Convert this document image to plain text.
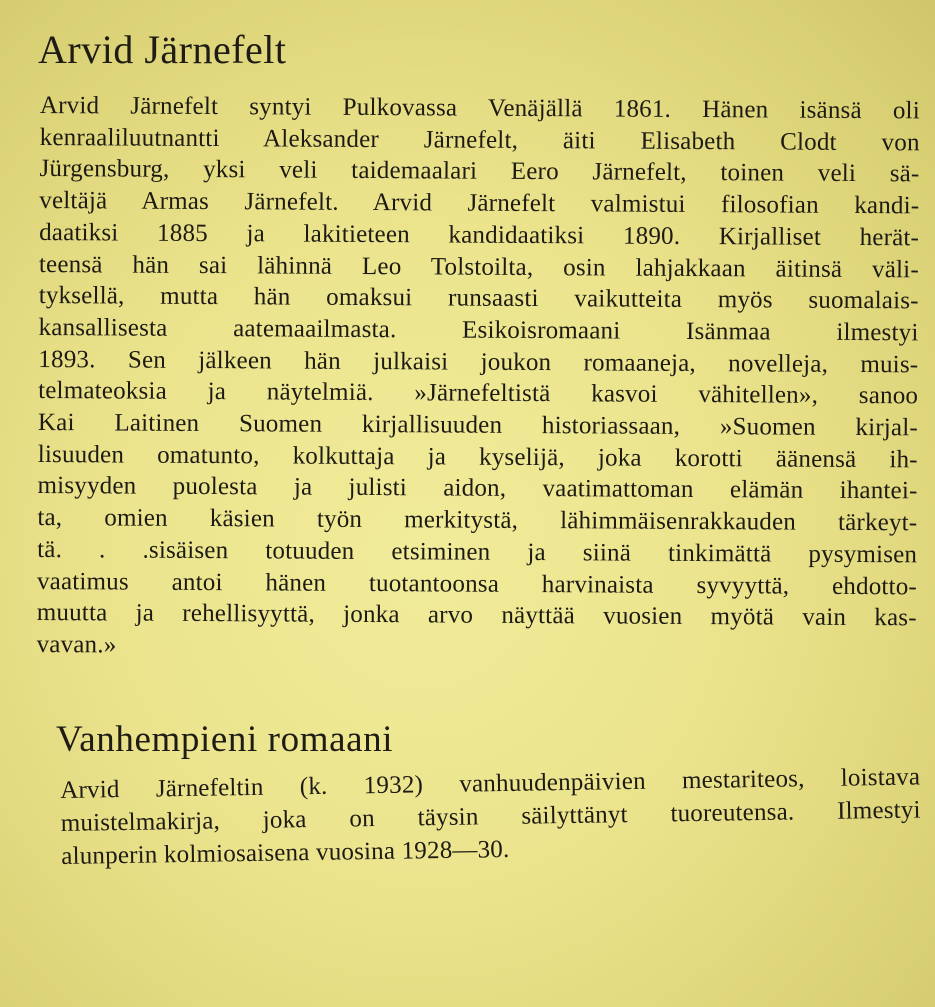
Arvid Järnefelt
Arvid Järnefelt syntyi Pulkovassa Venäjällä 1861. Hänen isänsä oli
kenraaliluutnantti Aleksander Järnefelt, äiti Elisabeth Clodt von
Jürgensburg, yksi veli taidemaalari Eero Järnefelt, toinen veli sä-
veltäjä Armas Järnefelt. Arvid Järnefelt valmistui filosofian kandi-
daatiksi 1885 ja lakitieteen kandidaatiksi 1890. Kirjalliset herät-
teensä hän sai lähinnä Leo Tolstoilta, osin lahjakkaan äitinsä väli-
tyksellä, mutta hän omaksui runsaasti vaikutteita myös suomalais-
kansallisesta aatemaailmasta. Esikoisromaani Isänmaa ilmestyi
1893. Sen jälkeen hän julkaisi joukon romaaneja, novelleja, muis-
telmateoksia ja näytelmiä. »Järnefeltistä kasvoi vähitellen», sanoo
Kai Laitinen Suomen kirjallisuuden historiassaan, »Suomen kirjal-
lisuuden omatunto, kolkuttaja ja kyselijä, joka korotti äänensä ih-
misyyden puolesta ja julisti aidon, vaatimattoman elämän ihantei-
ta, omien käsien työn merkitystä, lähimmäisenrakkauden tärkeyt-
tä. . .sisäisen totuuden etsiminen ja siinä tinkimättä pysymisen
vaatimus antoi hänen tuotantoonsa harvinaista syvyyttä, ehdotto-
muutta ja rehellisyyttä, jonka arvo näyttää vuosien myötä vain kas-
vavan.»
Vanhempieni romaani
Arvid Järnefeltin (k. 1932) vanhuudenpäivien mestariteos, loistava
muistelmakirja, joka on täysin säilyttänyt tuoreutensa. Ilmestyi
alunperin kolmiosaisena vuosina 1928—30.
